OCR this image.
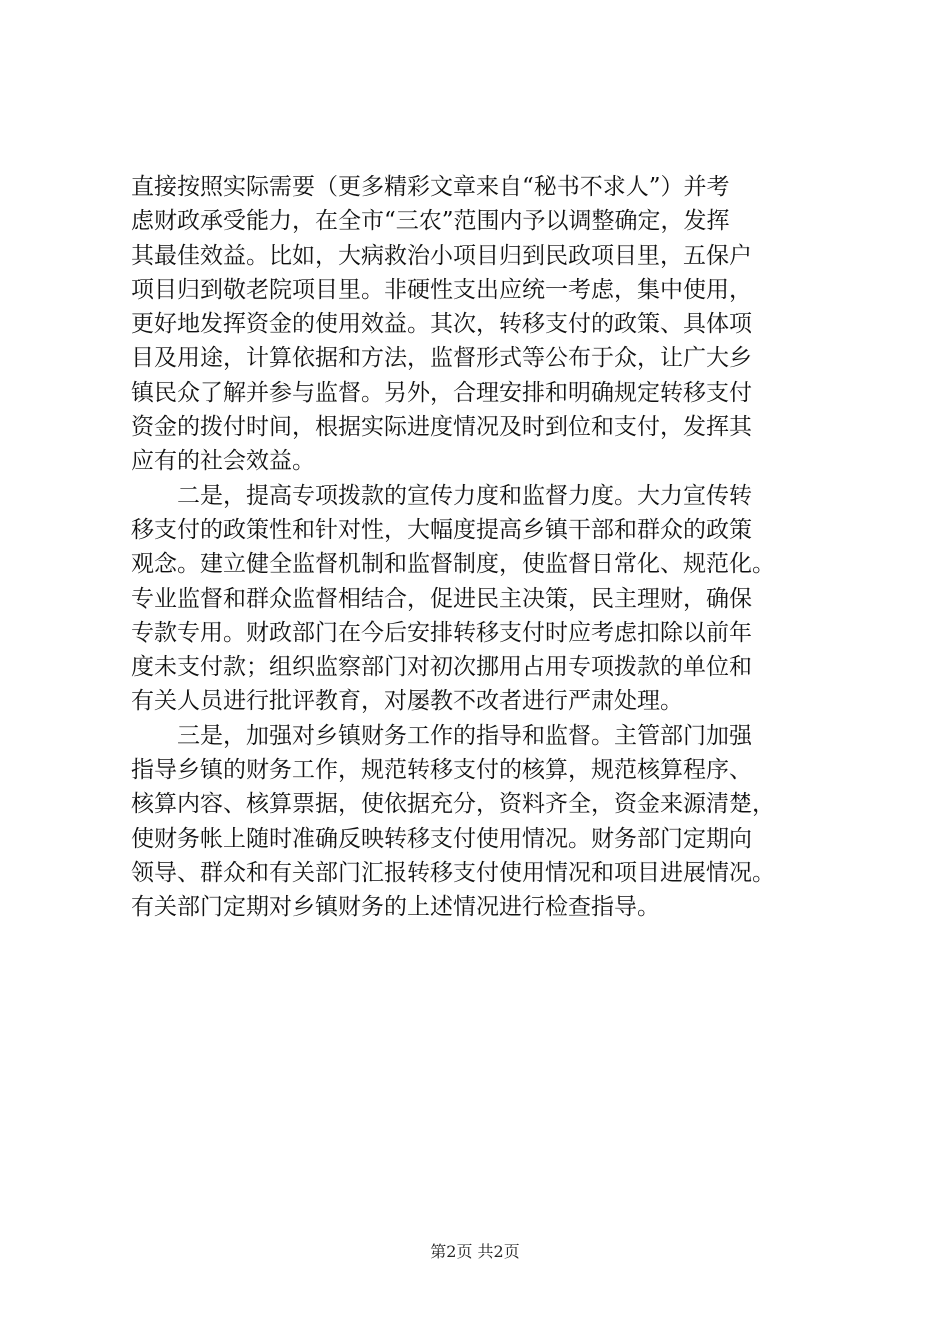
直接按照实际需要（更多精彩文章来自“秘书不求人”）并考
虑财政承受能力，在全市“三农”范围内予以调整确定，发挥
其最佳效益。比如，大病救治小项目归到民政项目里，五保户
项目归到敬老院项目里。非硬性支出应统一考虑，集中使用，
更好地发挥资金的使用效益。其次，转移支付的政策、具体项
目及用途，计算依据和方法，监督形式等公布于众，让广大乡
镇民众了解并参与监督。另外，合理安排和明确规定转移支付
资金的拨付时间，根据实际进度情况及时到位和支付，发挥其
应有的社会效益。
　　二是，提高专项拨款的宣传力度和监督力度。大力宣传转
移支付的政策性和针对性，大幅度提高乡镇干部和群众的政策
观念。建立健全监督机制和监督制度，使监督日常化、规范化。
专业监督和群众监督相结合，促进民主决策，民主理财，确保
专款专用。财政部门在今后安排转移支付时应考虑扣除以前年
度未支付款；组织监察部门对初次挪用占用专项拨款的单位和
有关人员进行批评教育，对屡教不改者进行严肃处理。
　　三是，加强对乡镇财务工作的指导和监督。主管部门加强
指导乡镇的财务工作，规范转移支付的核算，规范核算程序、
核算内容、核算票据，使依据充分，资料齐全，资金来源清楚，
使财务帐上随时准确反映转移支付使用情况。财务部门定期向
领导、群众和有关部门汇报转移支付使用情况和项目进展情况。
有关部门定期对乡镇财务的上述情况进行检查指导。
第2页 共2页
